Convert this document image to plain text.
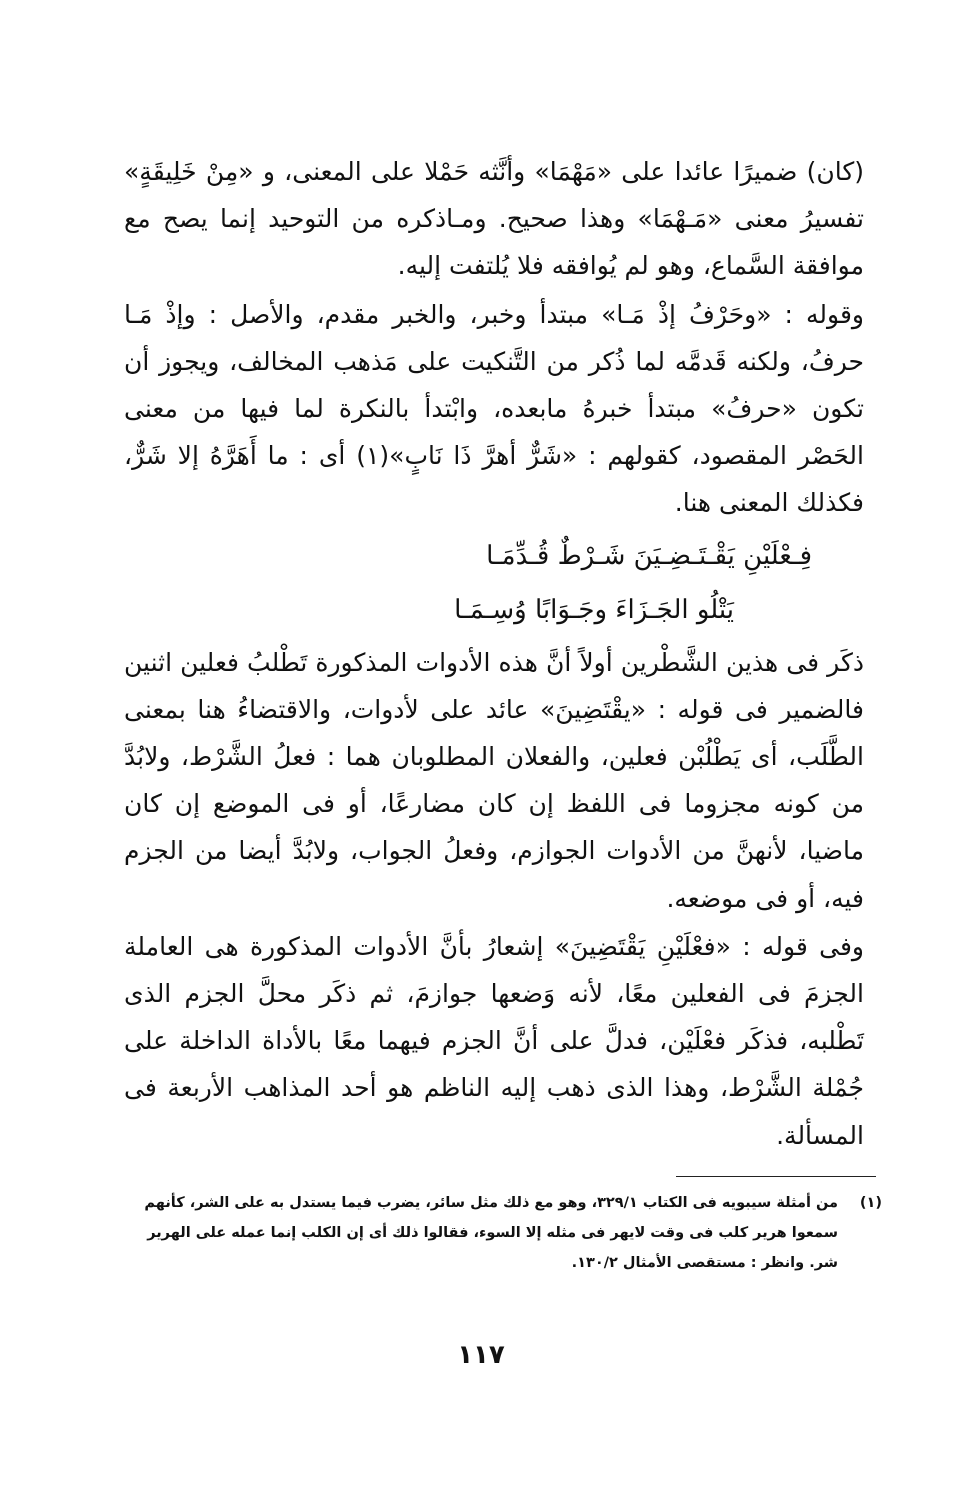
(كان) ضميرًا عائدا على «مَهْمَا» وأنَّثه حَمْلا على المعنى، و «مِنْ خَلِيقَةٍ» تفسيرُ معنى «مَـهْمَا» وهذا صحيح. ومـاذكره من التوحيد إنما يصح مع موافقة السَّماع، وهو لم يُوافقه فلا يُلتفت إليه.

وقوله : «وحَرْفُ إذْ مَـا» مبتدأ وخبر، والخبر مقدم، والأصل : وإذْ مَـا حرفُ، ولكنه قَدمَّه لما ذُكر من التَّنكيت على مَذهب المخالف، ويجوز أن تكون «حرفُ» مبتدأ خبرهُ مابعده، وابْتدأ بالنكرة لما فيها من معنى الحَصْر المقصود، كقولهم : «شَرٌّ أهرَّ ذَا نَابٍ»(١) أى : ما أَهَرَّهُ إلا شَرٌّ، فكذلك المعنى هنا.

فِـعْلَيْنِ يَقْـتَـضِـيَنَ شَـرْطٌ قُـدِّمَـا

يَتْلُو الجَـزَاءَ وجَـوَابًا وُسِـمَـا

ذكَر فى هذين الشَّطْرين أولاً أنَّ هذه الأدوات المذكورة تَطْلبُ فعلين اثنين فالضمير فى قوله : «يقْتَضِينَ» عائد على لأدوات، والاقتضاءُ هنا بمعنى الطَّلَب، أى يَطْلُبْن فعلين، والفعلان المطلوبان هما : فعلُ الشَّرْط، ولابُدَّ من كونه مجزوما فى اللفظ إن كان مضارعًا، أو فى الموضع إن كان ماضيا، لأنهنَّ من الأدوات الجوازم، وفعلُ الجواب، ولابُدَّ أيضا من الجزم فيه، أو فى موضعه.

وفى قوله : «فعْلَيْنِ يَقْتَضِينَ» إشعارُ بأنَّ الأدوات المذكورة هى العاملة الجزمَ فى الفعلين معًا، لأنه وَضعها جوازمَ، ثم ذكَر محلَّ الجزم الذى تَطْلبه، فذكَر فعْلَيْن، فدلَّ على أنَّ الجزم فيهما معًا بالأداة الداخلة على جُمْلة الشَّرْط، وهذا الذى ذهب إليه الناظم هو أحد المذاهب الأربعة فى المسألة.

(١)
من أمثلة سيبويه فى الكتاب ٣٢٩/١، وهو مع ذلك مثل سائر، يضرب فيما يستدل به على الشر، كأنهم سمعوا هرير كلب فى وقت لايهر فى مثله إلا السوء، فقالوا ذلك أى إن الكلب إنما عمله على الهرير شر. وانظر : مستقصى الأمثال ١٣٠/٢.
١١٧
